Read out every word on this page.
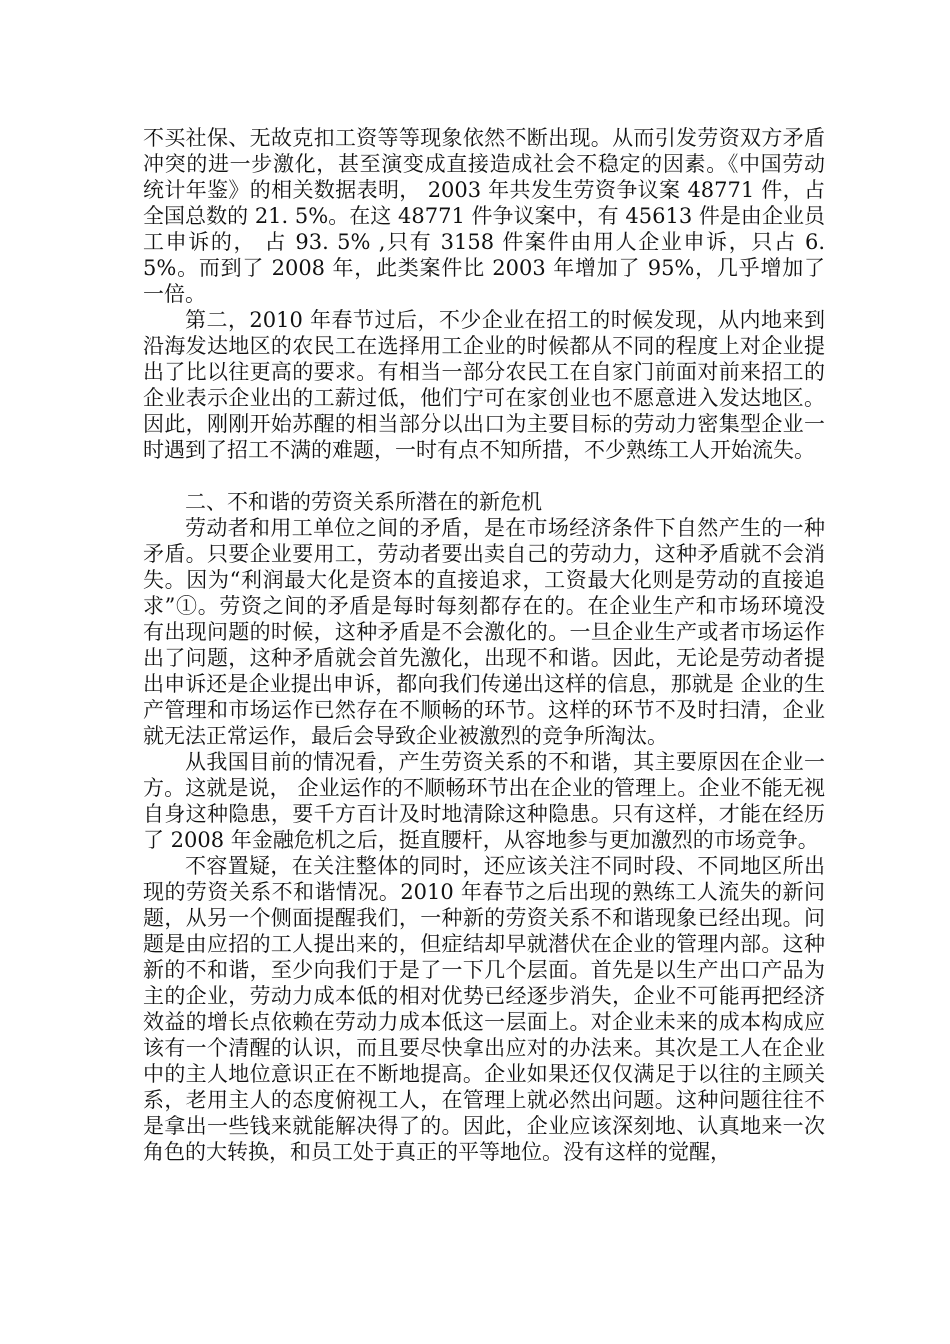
不买社保、无故克扣工资等等现象依然不断出现。从而引发劳资双方矛盾冲突的进一步激化，甚至演变成直接造成社会不稳定的因素。《中国劳动统计年鉴》的相关数据表明， 2003 年共发生劳资争议案 48771 件，占全国总数的 21. 5%。在这 48771 件争议案中，有 45613 件是由企业员工申诉的， 占 93. 5% ,只有 3158 件案件由用人企业申诉，只占 6. 5%。而到了 2008 年，此类案件比 2003 年增加了 95%，几乎增加了一倍。

第二，2010 年春节过后，不少企业在招工的时候发现，从内地来到沿海发达地区的农民工在选择用工企业的时候都从不同的程度上对企业提出了比以往更高的要求。有相当一部分农民工在自家门前面对前来招工的企业表示企业出的工薪过低，他们宁可在家创业也不愿意进入发达地区。因此，刚刚开始苏醒的相当部分以出口为主要目标的劳动力密集型企业一时遇到了招工不满的难题，一时有点不知所措，不少熟练工人开始流失。

二、不和谐的劳资关系所潜在的新危机

劳动者和用工单位之间的矛盾，是在市场经济条件下自然产生的一种矛盾。只要企业要用工，劳动者要出卖自己的劳动力，这种矛盾就不会消失。因为“利润最大化是资本的直接追求，工资最大化则是劳动的直接追求”①。劳资之间的矛盾是每时每刻都存在的。在企业生产和市场环境没有出现问题的时候，这种矛盾是不会激化的。一旦企业生产或者市场运作出了问题，这种矛盾就会首先激化，出现不和谐。因此，无论是劳动者提出申诉还是企业提出申诉，都向我们传递出这样的信息，那就是 企业的生产管理和市场运作已然存在不顺畅的环节。这样的环节不及时扫清，企业就无法正常运作，最后会导致企业被激烈的竞争所淘汰。

从我国目前的情况看，产生劳资关系的不和谐，其主要原因在企业一方。这就是说， 企业运作的不顺畅环节出在企业的管理上。企业不能无视自身这种隐患，要千方百计及时地清除这种隐患。只有这样，才能在经历了 2008 年金融危机之后，挺直腰杆，从容地参与更加激烈的市场竞争。

不容置疑，在关注整体的同时，还应该关注不同时段、不同地区所出现的劳资关系不和谐情况。2010 年春节之后出现的熟练工人流失的新问题，从另一个侧面提醒我们，一种新的劳资关系不和谐现象已经出现。问题是由应招的工人提出来的，但症结却早就潜伏在企业的管理内部。这种新的不和谐，至少向我们于是了一下几个层面。首先是以生产出口产品为主的企业，劳动力成本低的相对优势已经逐步消失，企业不可能再把经济效益的增长点依赖在劳动力成本低这一层面上。对企业未来的成本构成应该有一个清醒的认识，而且要尽快拿出应对的办法来。其次是工人在企业中的主人地位意识正在不断地提高。企业如果还仅仅满足于以往的主顾关系，老用主人的态度俯视工人，在管理上就必然出问题。这种问题往往不是拿出一些钱来就能解决得了的。因此，企业应该深刻地、认真地来一次角色的大转换，和员工处于真正的平等地位。没有这样的觉醒，
